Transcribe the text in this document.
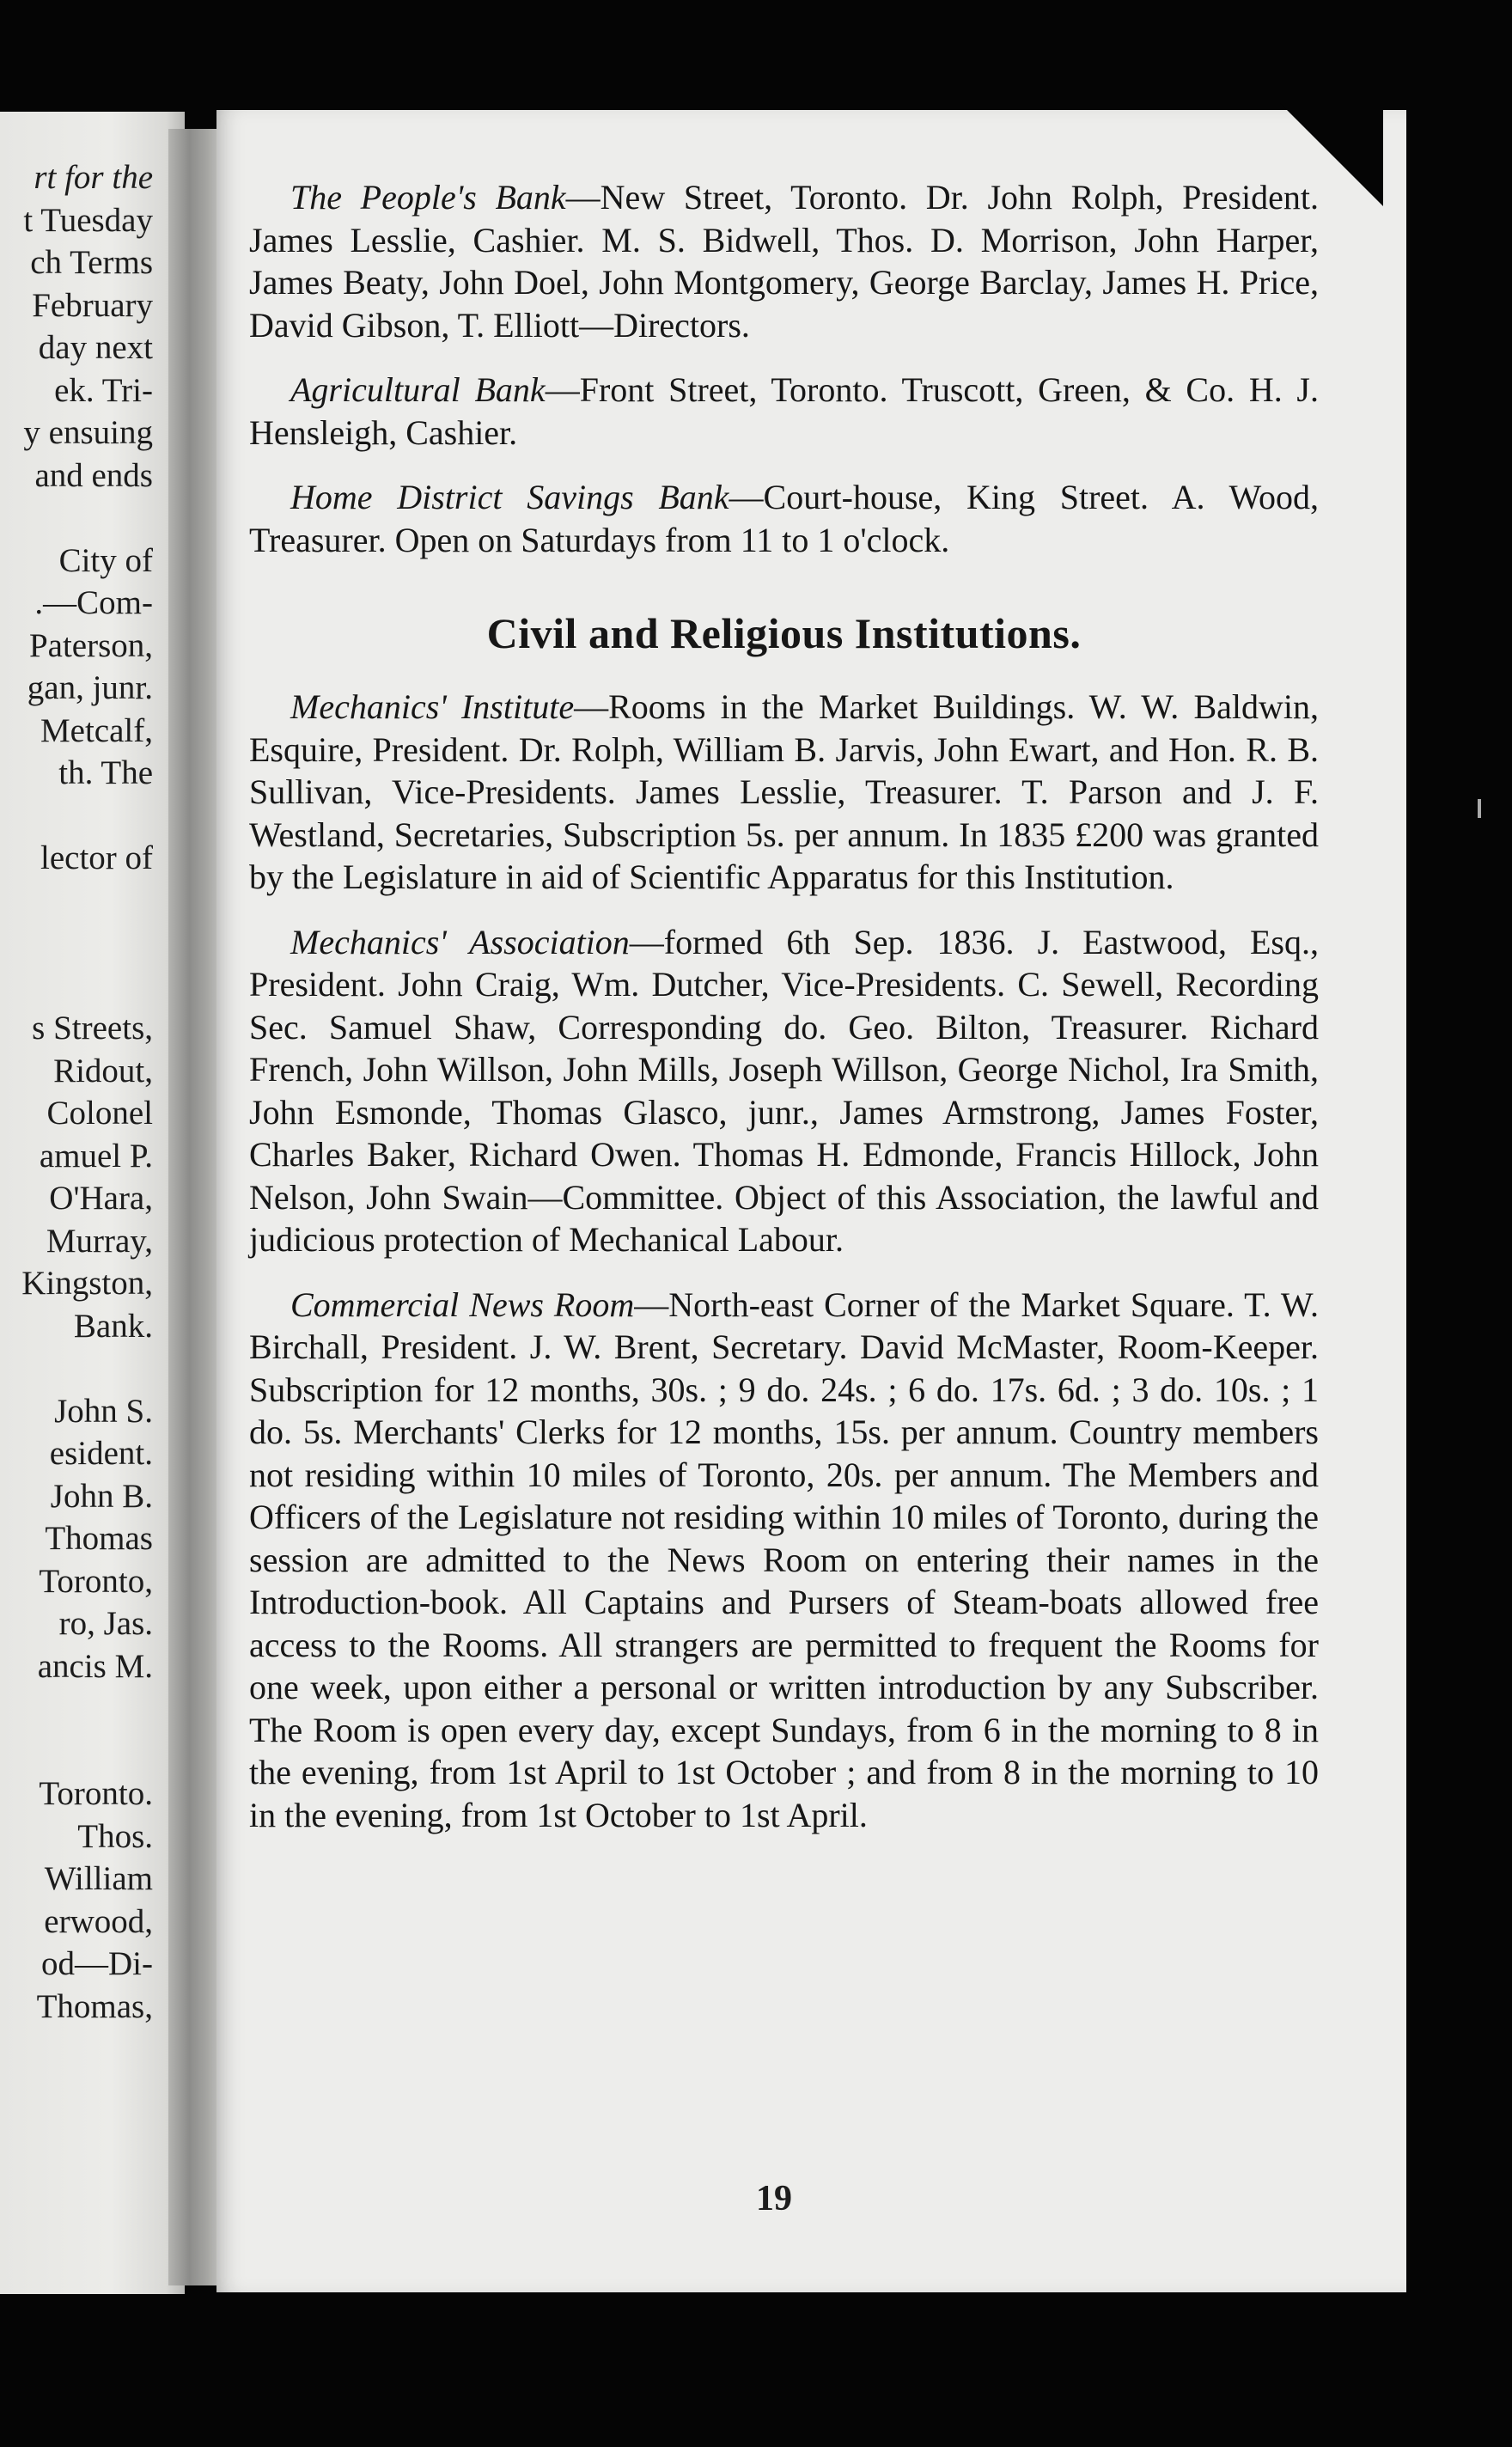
rt for the
t Tuesday
ch Terms
February
day next
ek. Tri-
y ensuing
and ends

City of
.—Com-
Paterson,
gan, junr.
Metcalf,
th. The

lector of

s Streets,
Ridout,
Colonel
amuel P.
O'Hara,
Murray,
Kingston,
Bank.

John S.
esident.
John B.
Thomas
Toronto,
ro, Jas.
ancis M.

Toronto.
Thos.
William
erwood,
od—Di-
Thomas,

The People's Bank—New Street, Toronto. Dr. John Rolph, President. James Lesslie, Cashier. M. S. Bidwell, Thos. D. Morrison, John Harper, James Beaty, John Doel, John Montgomery, George Barclay, James H. Price, David Gibson, T. Elliott—Directors.

Agricultural Bank—Front Street, Toronto. Truscott, Green, & Co. H. J. Hensleigh, Cashier.

Home District Savings Bank—Court-house, King Street. A. Wood, Treasurer. Open on Saturdays from 11 to 1 o'clock.

Civil and Religious Institutions.

Mechanics' Institute—Rooms in the Market Buildings. W. W. Baldwin, Esquire, President. Dr. Rolph, William B. Jarvis, John Ewart, and Hon. R. B. Sullivan, Vice-Presidents. James Lesslie, Treasurer. T. Parson and J. F. Westland, Secretaries, Subscription 5s. per annum. In 1835 £200 was granted by the Legislature in aid of Scientific Apparatus for this Institution.

Mechanics' Association—formed 6th Sep. 1836. J. Eastwood, Esq., President. John Craig, Wm. Dutcher, Vice-Presidents. C. Sewell, Recording Sec. Samuel Shaw, Corresponding do. Geo. Bilton, Treasurer. Richard French, John Willson, John Mills, Joseph Willson, George Nichol, Ira Smith, John Esmonde, Thomas Glasco, junr., James Armstrong, James Foster, Charles Baker, Richard Owen. Thomas H. Edmonde, Francis Hillock, John Nelson, John Swain—Committee. Object of this Association, the lawful and judicious protection of Mechanical Labour.

Commercial News Room—North-east Corner of the Market Square. T. W. Birchall, President. J. W. Brent, Secretary. David McMaster, Room-Keeper. Subscription for 12 months, 30s. ; 9 do. 24s. ; 6 do. 17s. 6d. ; 3 do. 10s. ; 1 do. 5s. Merchants' Clerks for 12 months, 15s. per annum. Country members not residing within 10 miles of Toronto, 20s. per annum. The Members and Officers of the Legislature not residing within 10 miles of Toronto, during the session are admitted to the News Room on entering their names in the Introduction-book. All Captains and Pursers of Steam-boats allowed free access to the Rooms. All strangers are permitted to frequent the Rooms for one week, upon either a personal or written introduction by any Subscriber. The Room is open every day, except Sundays, from 6 in the morning to 8 in the evening, from 1st April to 1st October ; and from 8 in the morning to 10 in the evening, from 1st October to 1st April.

19
